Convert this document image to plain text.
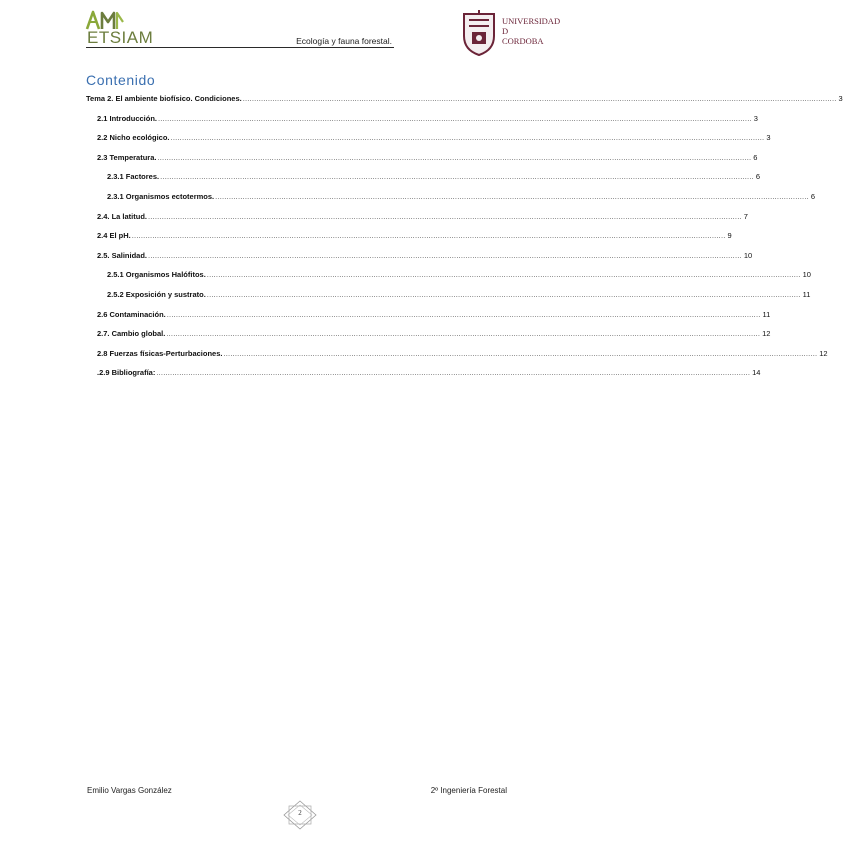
ETSIAM	Ecología y fauna forestal.
UNIVERSIDAD
D
CORDOBA
Contenido
Tema 2. El ambiente biofísico. Condiciones. .................................................................................................................................................................................................................................................................... 3
2.1 Introducción. .................................................................................................................................................................................................................................................................... 3
2.2 Nicho ecológico. .................................................................................................................................................................................................................................................................... 3
2.3 Temperatura. .................................................................................................................................................................................................................................................................... 6
2.3.1 Factores. .................................................................................................................................................................................................................................................................... 6
2.3.1 Organismos ectotermos. .................................................................................................................................................................................................................................................................... 6
2.4. La latitud. .................................................................................................................................................................................................................................................................... 7
2.4 El pH. .................................................................................................................................................................................................................................................................... 9
2.5. Salinidad. .................................................................................................................................................................................................................................................................... 10
2.5.1 Organismos Halófitos. .................................................................................................................................................................................................................................................................... 10
2.5.2 Exposición y sustrato. .................................................................................................................................................................................................................................................................... 11
2.6 Contaminación. .................................................................................................................................................................................................................................................................... 11
2.7. Cambio global. .................................................................................................................................................................................................................................................................... 12
2.8 Fuerzas físicas-Perturbaciones. .................................................................................................................................................................................................................................................................... 12
.2.9 Bibliografía: .................................................................................................................................................................................................................................................................... 14
Emilio Vargas González	2º Ingeniería Forestal
2
